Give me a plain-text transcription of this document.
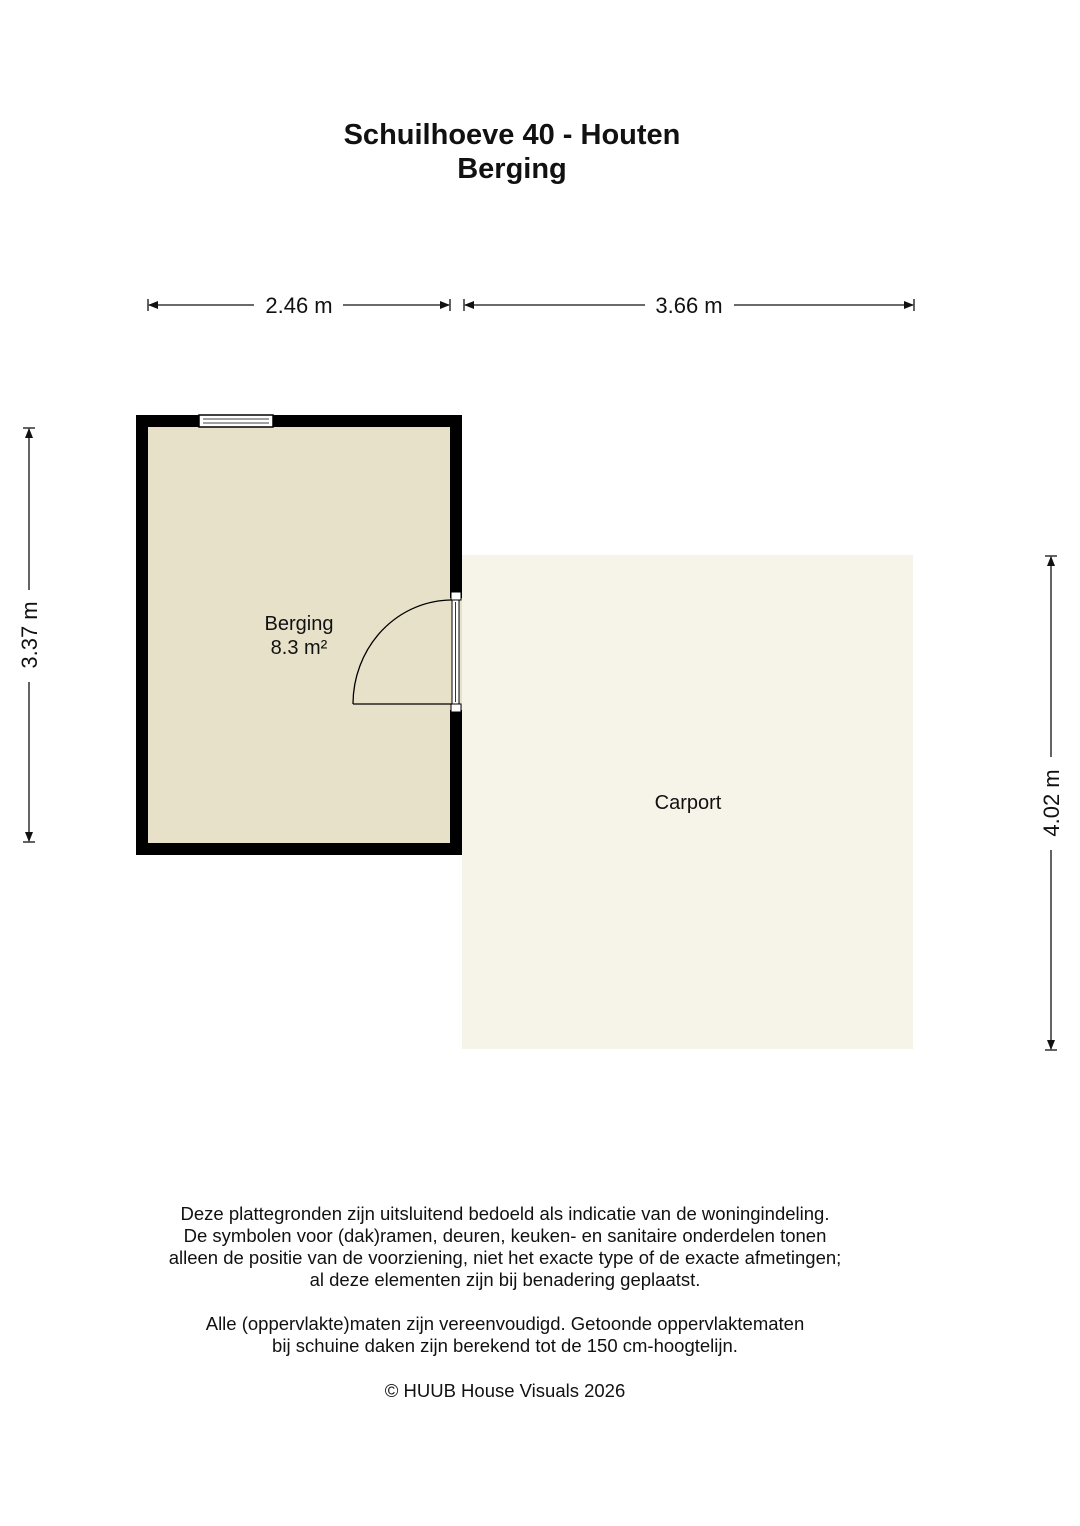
Schuilhoeve 40 - Houten
Berging
Berging
8.3 m²
Carport
2.46 m	3.66 m
3.37 m
4.02 m
Deze plattegronden zijn uitsluitend bedoeld als indicatie van de woningindeling.
De symbolen voor (dak)ramen, deuren, keuken- en sanitaire onderdelen tonen
alleen de positie van de voorziening, niet het exacte type of de exacte afmetingen;
al deze elementen zijn bij benadering geplaatst.
Alle (oppervlakte)maten zijn vereenvoudigd. Getoonde oppervlaktematen
bij schuine daken zijn berekend tot de 150 cm-hoogtelijn.
© HUUB House Visuals 2026
